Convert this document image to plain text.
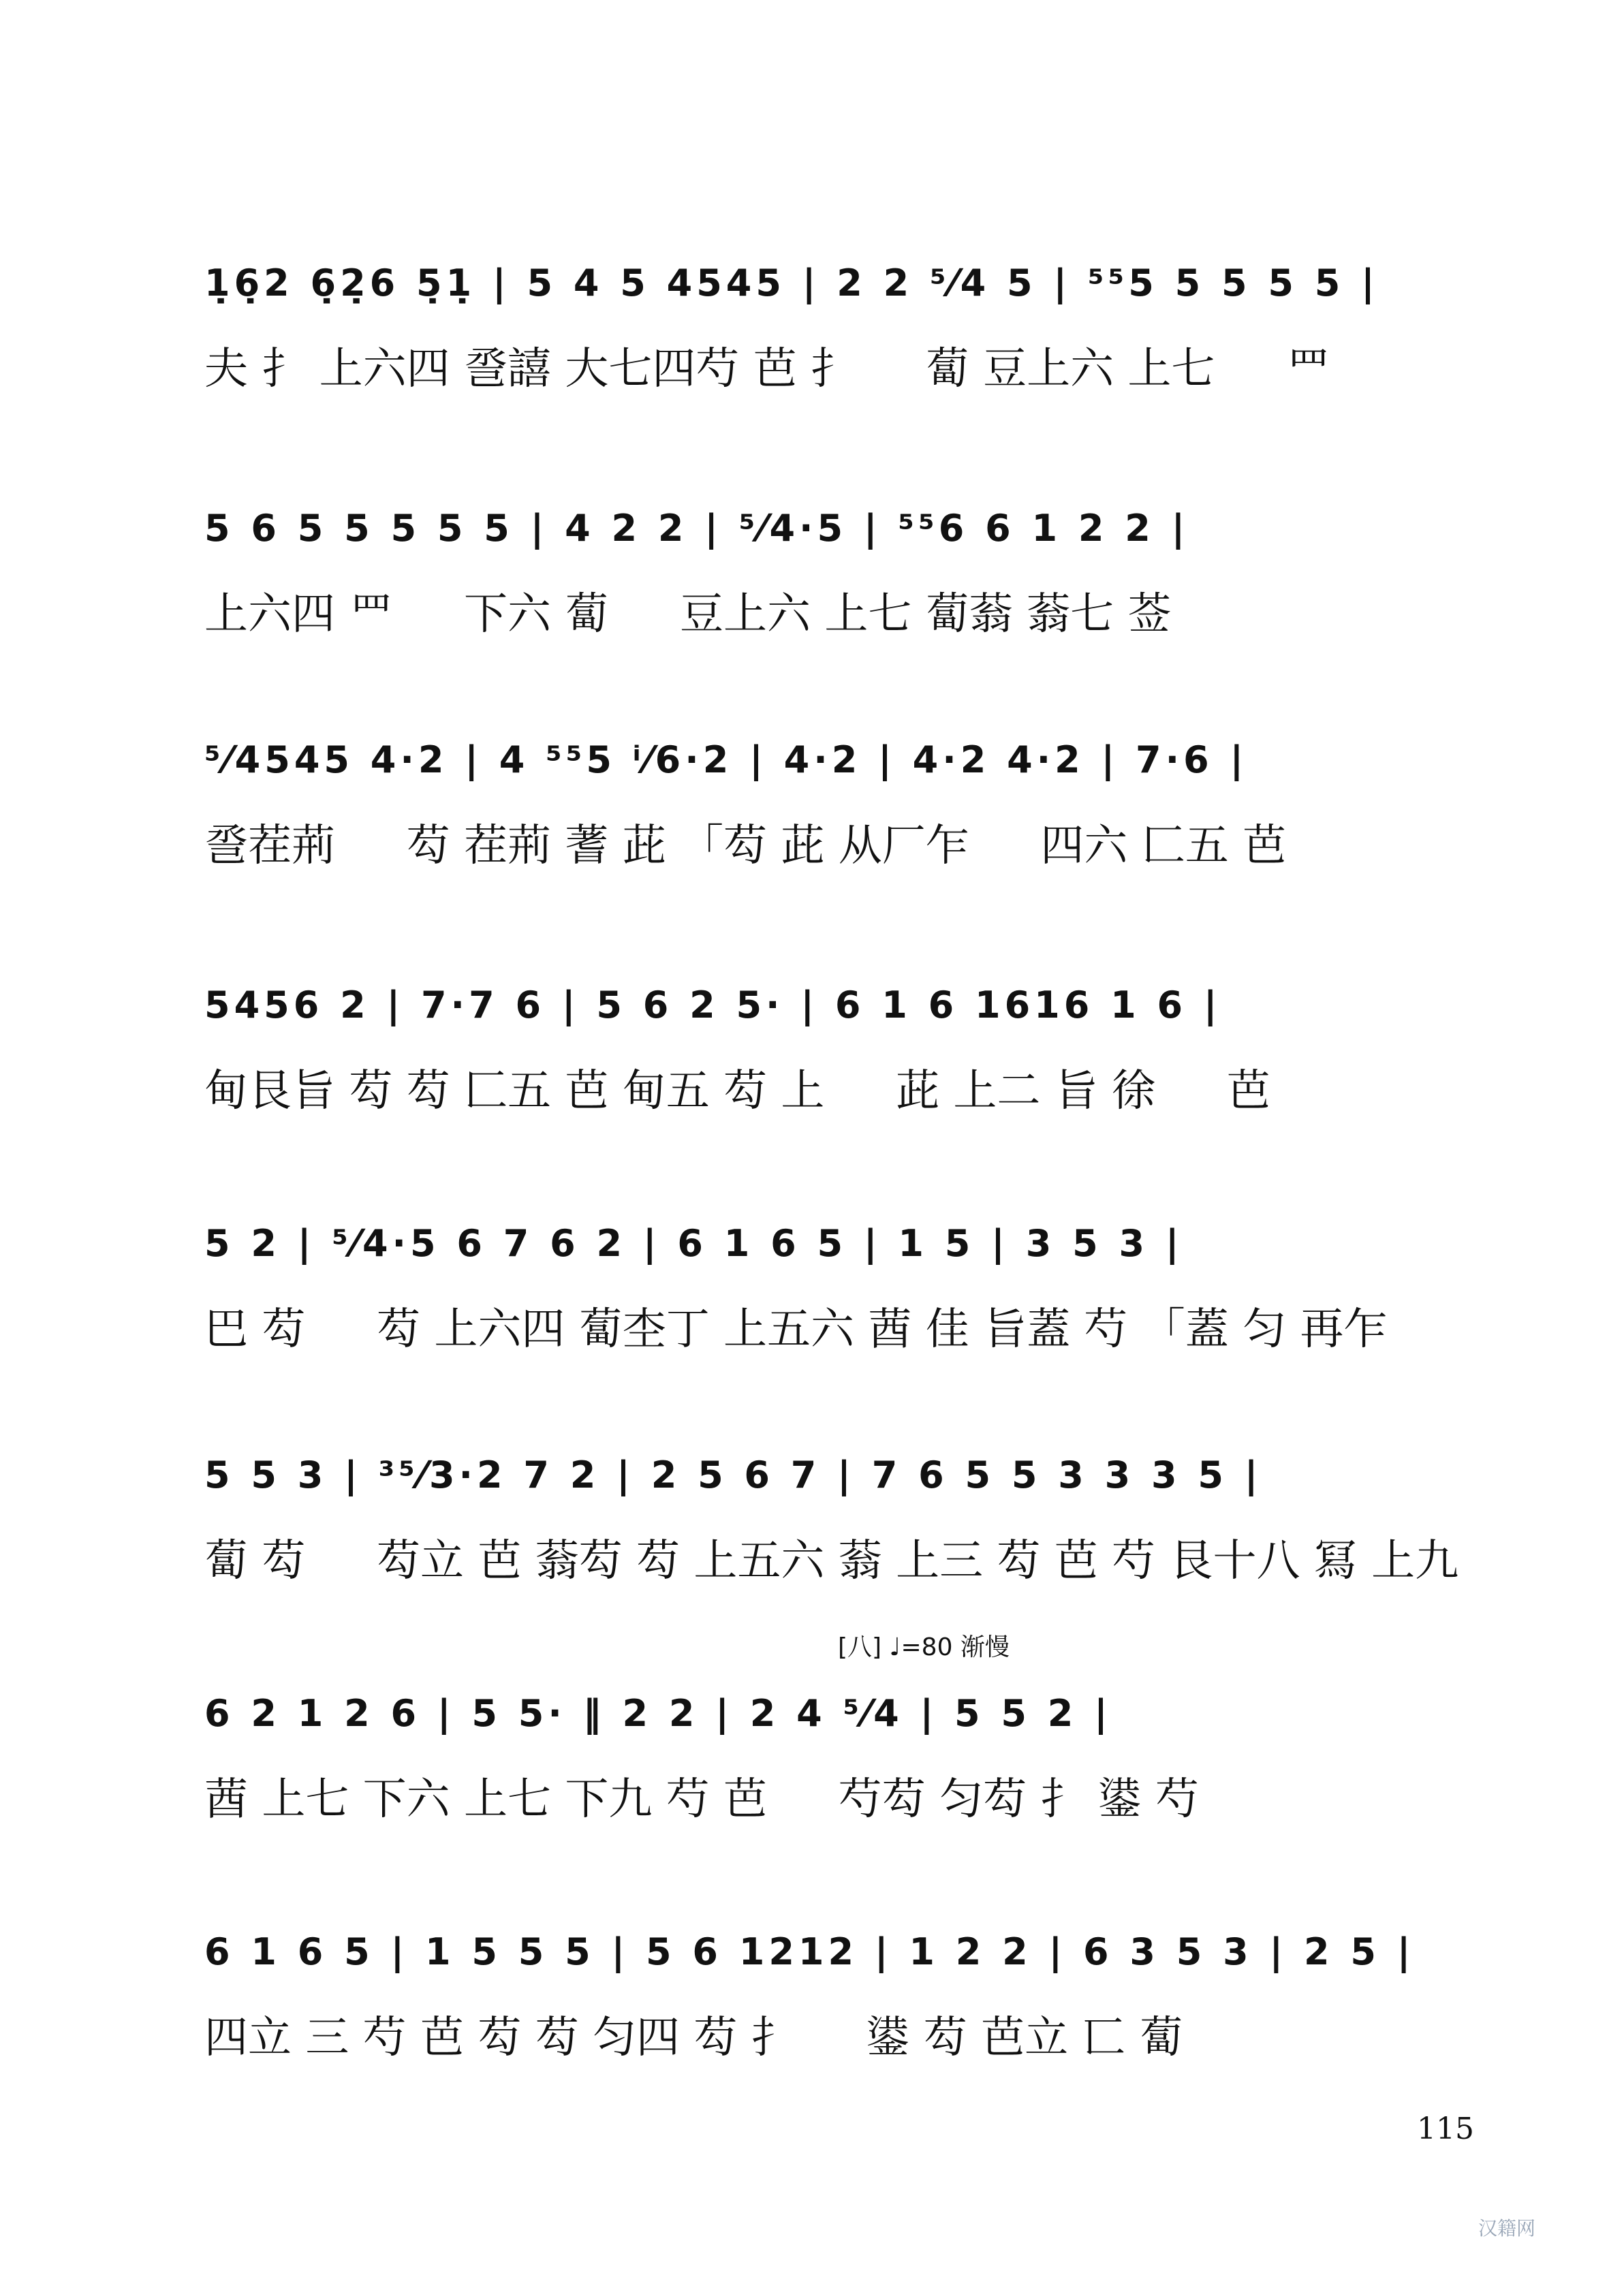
1̣6̣2 6̣2̣6 5̣1̣ | 5 4 5 4545 | 2 2 ⁵⁄4 5 | ⁵⁵5 5 5 5 5 |
夫 扌 上六四 巹譆 大七四芍 芭 扌 　 蔔 豆上六 上七 　 罒
5 6 5 5 5 5 5 | 4 2 2 | ⁵⁄4·5 | ⁵⁵6 6 1 2 2 |
上六四 罒 　 下六 蔔 　 豆上六 上七 蔔蓊 蓊七 莶
⁵⁄4545 4·2 | 4 ⁵⁵5 ⁱ⁄6·2 | 4·2 | 4·2 4·2 | 7·6 |
巹茬荊 　 芶 茬荊 蓍 茈 「芶 茈 从厂乍 　 四六 匚五 芭
5456 2 | 7·7 6 | 5 6 2 5· | 6 1 6 1616 1 6 |
甸艮旨 芶 芶 匚五 芭 甸五 芶 上 　 茈 上二 旨 徐 　 芭
5 2 | ⁵⁄4·5 6 7 6 2 | 6 1 6 5 | 1 5 | 3 5 3 |
巴 芶 　 芶 上六四 蔔杢丁 上五六 莤 佳 旨蓋 芍 「蓋 匀 再乍
5 5 3 | ³⁵⁄3·2 7 2 | 2 5 6 7 | 7 6 5 5 3 3 3 5 |
蔔 芶 　 芶立 芭 蓊芶 芶 上五六 蓊 上三 芶 芭 芍 艮十八 冩 上九
[八] ♩=80 渐慢
6 2 1 2 6 | 5 5· ‖ 2 2 | 2 4 ⁵⁄4 | 5 5 2 |
莤 上七 下六 上七 下九 芍 芭 　 芍芶 匀芶 扌 鍙 芍
6 1 6 5 | 1 5 5 5 | 5 6 1212 | 1 2 2 | 6 3 5 3 | 2 5 |
四立 三 芍 芭 芶 芶 匀四 芶 扌 　 鍙 芶 芭立 匸 蔔
115
汉籍网
